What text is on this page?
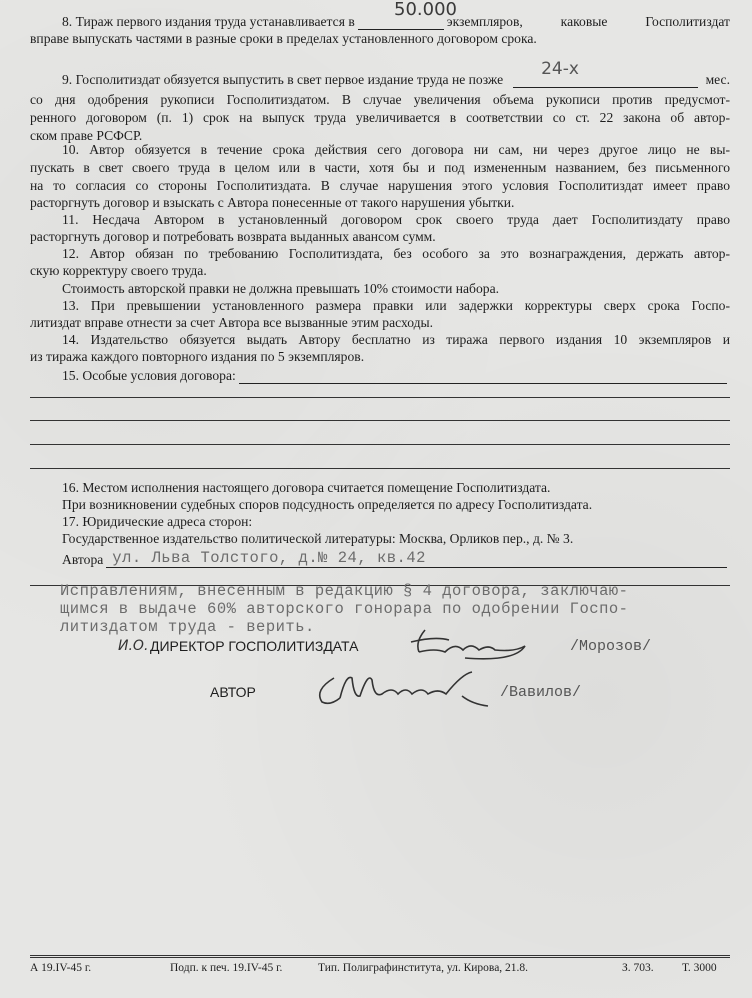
50.000
8. Тираж первого издания труда устанавливается в	экземпляров, каковые Госполитиздат
вправе выпускать частями в разные сроки в пределах установленного договором срока.
9. Госполитиздат обязуется выпустить в свет первое издание труда не позже
24-х
мес.
со дня одобрения рукописи Госполитиздатом. В случае увеличения объема рукописи против предусмот-
ренного договором (п. 1) срок на выпуск труда увеличивается в соответствии со ст. 22 закона об автор-
ском праве РСФСР.
10. Автор обязуется в течение срока действия сего договора ни сам, ни через другое лицо не вы-
пускать в свет своего труда в целом или в части, хотя бы и под измененным названием, без письменного
на то согласия со стороны Госполитиздата. В случае нарушения этого условия Госполитиздат имеет право
расторгнуть договор и взыскать с Автора понесенные от такого нарушения убытки.
11. Несдача Автором в установленный договором срок своего труда дает Госполитиздату право
расторгнуть договор и потребовать возврата выданных авансом сумм.
12. Автор обязан по требованию Госполитиздата, без особого за это вознаграждения, держать автор-
скую корректуру своего труда.
Стоимость авторской правки не должна превышать 10% стоимости набора.
13. При превышении установленного размера правки или задержки корректуры сверх срока Госпо-
литиздат вправе отнести за счет Автора все вызванные этим расходы.
14. Издательство обязуется выдать Автору бесплатно из тиража первого издания 10 экземпляров и
из тиража каждого повторного издания по 5 экземпляров.
15. Особые условия договора:
16. Местом исполнения настоящего договора считается помещение Госполитиздата.
При возникновении судебных споров подсудность определяется по адресу Госполитиздата.
17. Юридические адреса сторон:
Государственное издательство политической литературы: Москва, Орликов пер., д. № 3.
Автора ул. Льва Толстого, д.№ 24, кв.42
Исправлениям, внесенным в редакцию § 4 договора, заключаю-
щимся в выдаче 60% авторского гонорара по одобрении Госпо-
литиздатом труда - верить.
И.О. ДИРЕКТОР ГОСПОЛИТИЗДАТА	/Морозов/
АВТОР	/Вавилов/
А 19.IV-45 г.	Подп. к печ. 19.IV-45 г.	Тип. Полиграфинститута, ул. Кирова, 21.8.	З. 703. Т. 3000
